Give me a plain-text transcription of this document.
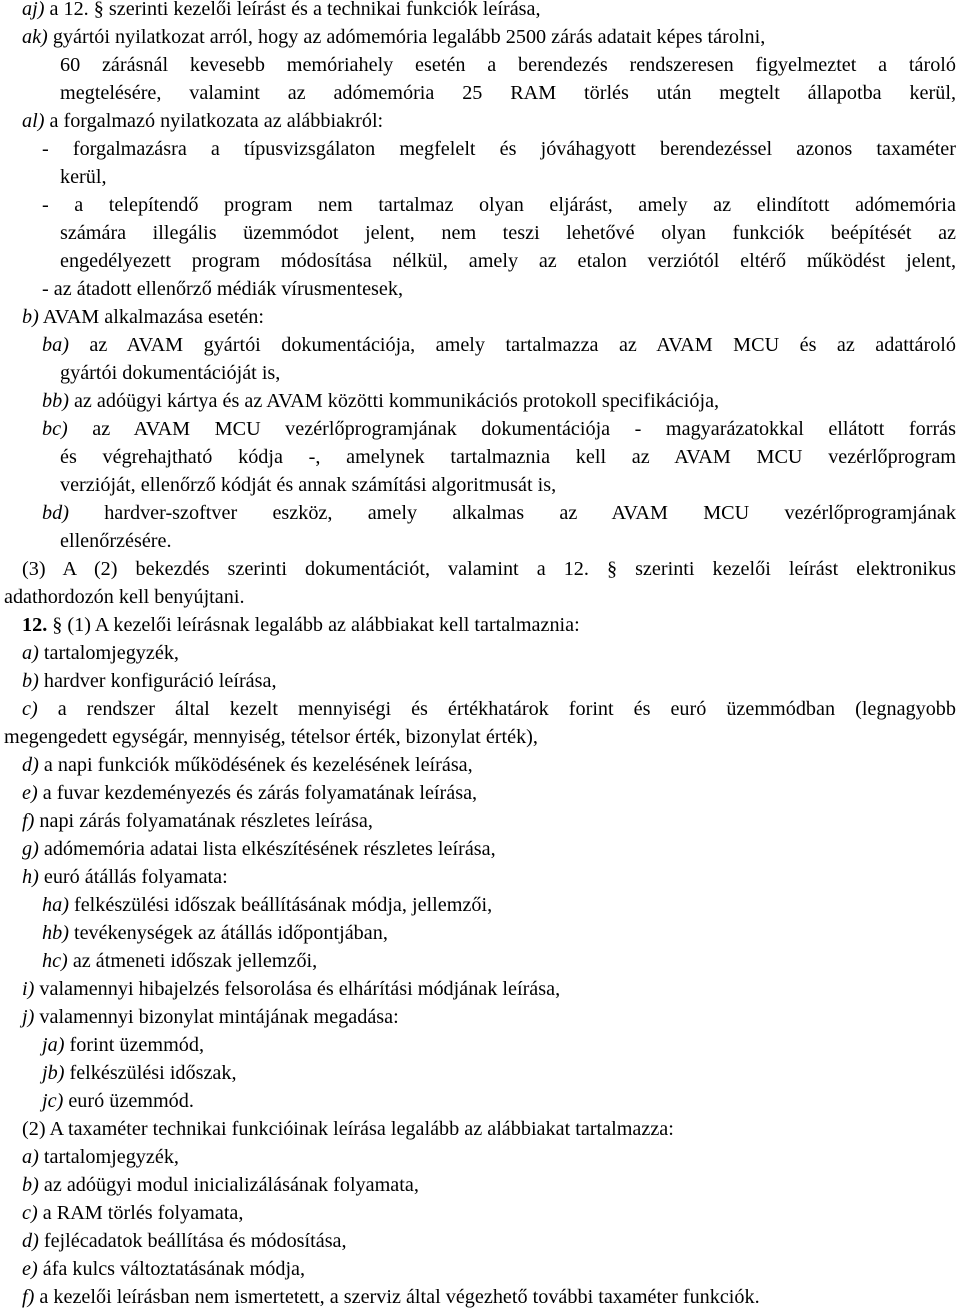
aj) a 12. § szerinti kezelői leírást és a technikai funkciók leírása,
ak) gyártói nyilatkozat arról, hogy az adómemória legalább 2500 zárás adatait képes tárolni,
60 zárásnál kevesebb memóriahely esetén a berendezés rendszeresen figyelmeztet a tároló
megtelésére, valamint az adómemória 25 RAM törlés után megtelt állapotba kerül,
al) a forgalmazó nyilatkozata az alábbiakról:
- forgalmazásra a típusvizsgálaton megfelelt és jóváhagyott berendezéssel azonos taxaméter
kerül,
- a telepítendő program nem tartalmaz olyan eljárást, amely az elindított adómemória
számára illegális üzemmódot jelent, nem teszi lehetővé olyan funkciók beépítését az
engedélyezett program módosítása nélkül, amely az etalon verziótól eltérő működést jelent,
- az átadott ellenőrző médiák vírusmentesek,
b) AVAM alkalmazása esetén:
ba) az AVAM gyártói dokumentációja, amely tartalmazza az AVAM MCU és az adattároló
gyártói dokumentációját is,
bb) az adóügyi kártya és az AVAM közötti kommunikációs protokoll specifikációja,
bc) az AVAM MCU vezérlőprogramjának dokumentációja - magyarázatokkal ellátott forrás
és végrehajtható kódja -, amelynek tartalmaznia kell az AVAM MCU vezérlőprogram
verzióját, ellenőrző kódját és annak számítási algoritmusát is,
bd) hardver-szoftver eszköz, amely alkalmas az AVAM MCU vezérlőprogramjának
ellenőrzésére.
(3) A (2) bekezdés szerinti dokumentációt, valamint a 12. § szerinti kezelői leírást elektronikus
adathordozón kell benyújtani.
12. § (1) A kezelői leírásnak legalább az alábbiakat kell tartalmaznia:
a) tartalomjegyzék,
b) hardver konfiguráció leírása,
c) a rendszer által kezelt mennyiségi és értékhatárok forint és euró üzemmódban (legnagyobb
megengedett egységár, mennyiség, tételsor érték, bizonylat érték),
d) a napi funkciók működésének és kezelésének leírása,
e) a fuvar kezdeményezés és zárás folyamatának leírása,
f) napi zárás folyamatának részletes leírása,
g) adómemória adatai lista elkészítésének részletes leírása,
h) euró átállás folyamata:
ha) felkészülési időszak beállításának módja, jellemzői,
hb) tevékenységek az átállás időpontjában,
hc) az átmeneti időszak jellemzői,
i) valamennyi hibajelzés felsorolása és elhárítási módjának leírása,
j) valamennyi bizonylat mintájának megadása:
ja) forint üzemmód,
jb) felkészülési időszak,
jc) euró üzemmód.
(2) A taxaméter technikai funkcióinak leírása legalább az alábbiakat tartalmazza:
a) tartalomjegyzék,
b) az adóügyi modul inicializálásának folyamata,
c) a RAM törlés folyamata,
d) fejlécadatok beállítása és módosítása,
e) áfa kulcs változtatásának módja,
f) a kezelői leírásban nem ismertetett, a szerviz által végezhető további taxaméter funkciók.
